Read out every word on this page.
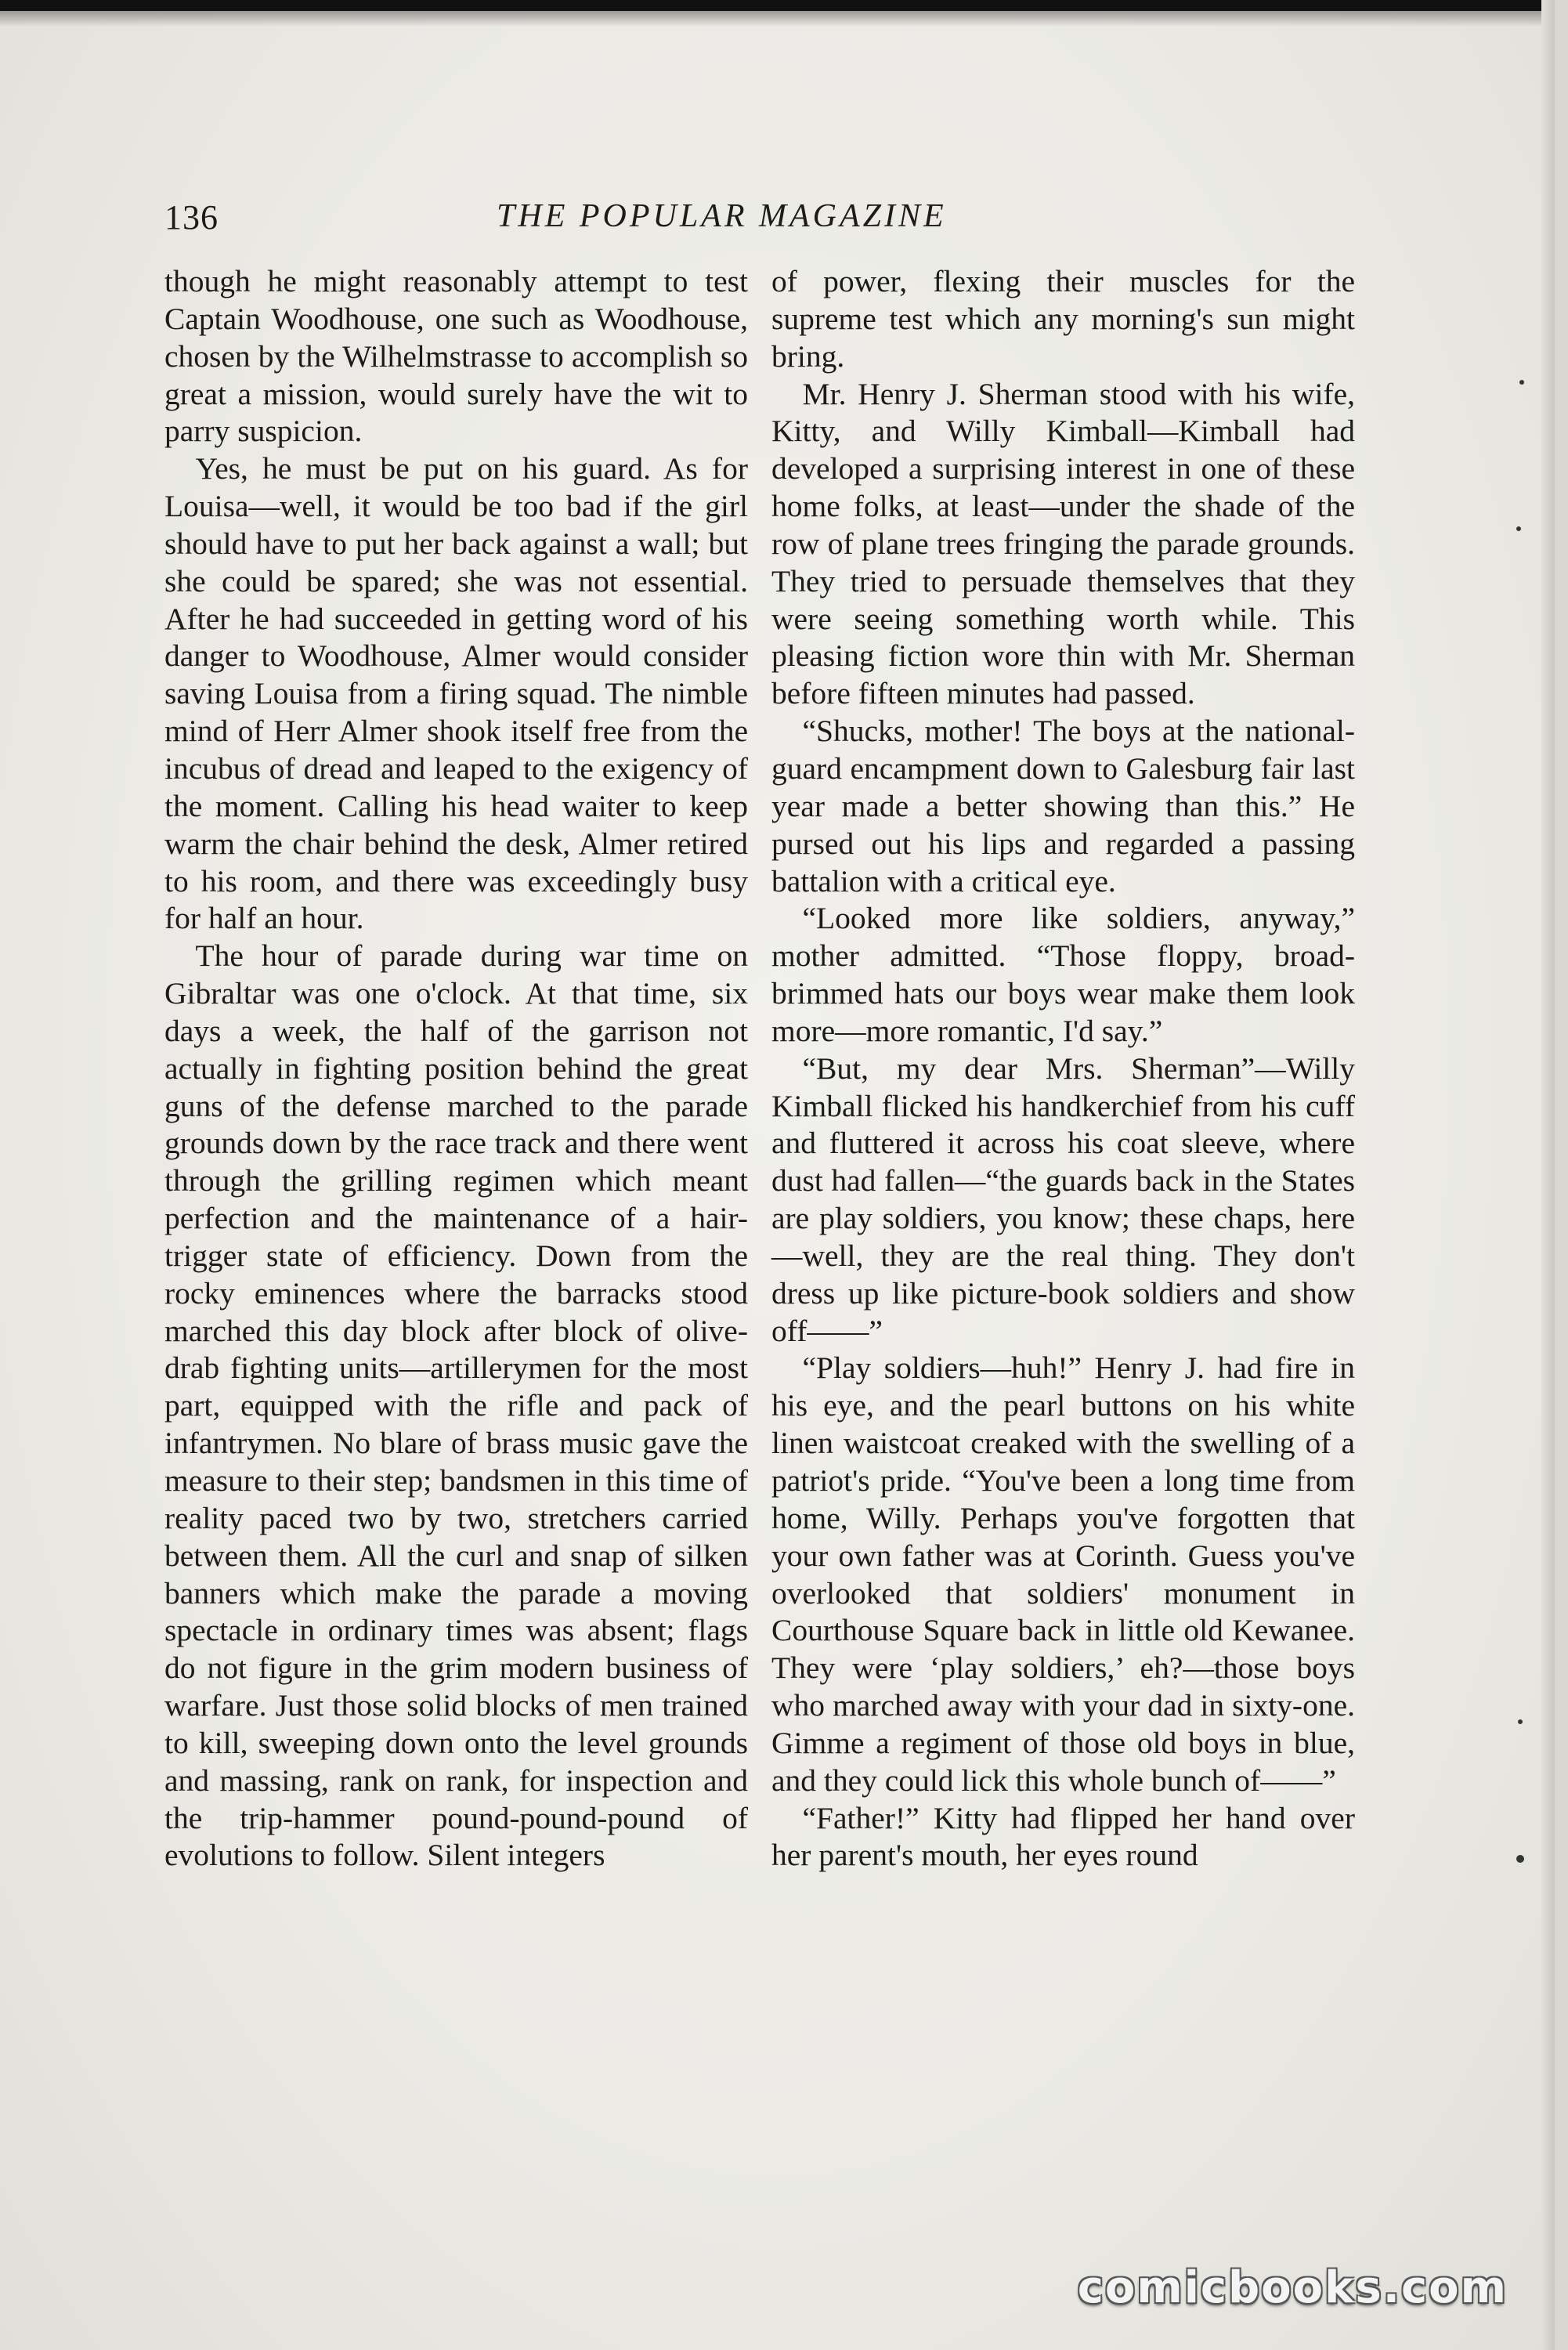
136	THE POPULAR MAGAZINE

though he might reasonably attempt to test Captain Woodhouse, one such as Woodhouse, chosen by the Wilhelmstrasse to accomplish so great a mission, would surely have the wit to parry suspicion.

Yes, he must be put on his guard. As for Louisa—well, it would be too bad if the girl should have to put her back against a wall; but she could be spared; she was not essential. After he had succeeded in getting word of his danger to Woodhouse, Almer would consider saving Louisa from a firing squad. The nimble mind of Herr Almer shook itself free from the incubus of dread and leaped to the exigency of the moment. Calling his head waiter to keep warm the chair behind the desk, Almer retired to his room, and there was exceedingly busy for half an hour.

The hour of parade during war time on Gibraltar was one o'clock. At that time, six days a week, the half of the garrison not actually in fighting position behind the great guns of the defense marched to the parade grounds down by the race track and there went through the grilling regimen which meant perfection and the maintenance of a hair-trigger state of efficiency. Down from the rocky eminences where the barracks stood marched this day block after block of olive-drab fighting units—artillerymen for the most part, equipped with the rifle and pack of infantrymen. No blare of brass music gave the measure to their step; bandsmen in this time of reality paced two by two, stretchers carried between them. All the curl and snap of silken banners which make the parade a moving spectacle in ordinary times was absent; flags do not figure in the grim modern business of warfare. Just those solid blocks of men trained to kill, sweeping down onto the level grounds and massing, rank on rank, for inspection and the trip-hammer pound-pound-pound of evolutions to follow. Silent integers

of power, flexing their muscles for the supreme test which any morning's sun might bring.

Mr. Henry J. Sherman stood with his wife, Kitty, and Willy Kimball—Kimball had developed a surprising interest in one of these home folks, at least—under the shade of the row of plane trees fringing the parade grounds. They tried to persuade themselves that they were seeing something worth while. This pleasing fiction wore thin with Mr. Sherman before fifteen minutes had passed.

“Shucks, mother! The boys at the national-guard encampment down to Galesburg fair last year made a better showing than this.” He pursed out his lips and regarded a passing battalion with a critical eye.

“Looked more like soldiers, anyway,” mother admitted. “Those floppy, broad-brimmed hats our boys wear make them look more—more romantic, I'd say.”

“But, my dear Mrs. Sherman”—Willy Kimball flicked his handkerchief from his cuff and fluttered it across his coat sleeve, where dust had fallen—“the guards back in the States are play soldiers, you know; these chaps, here—well, they are the real thing. They don't dress up like picture-book soldiers and show off——”

“Play soldiers—huh!” Henry J. had fire in his eye, and the pearl buttons on his white linen waistcoat creaked with the swelling of a patriot's pride. “You've been a long time from home, Willy. Perhaps you've forgotten that your own father was at Corinth. Guess you've overlooked that soldiers' monument in Courthouse Square back in little old Kewanee. They were ‘play soldiers,’ eh?—those boys who marched away with your dad in sixty-one. Gimme a regiment of those old boys in blue, and they could lick this whole bunch of——”

“Father!” Kitty had flipped her hand over her parent's mouth, her eyes round

comicbooks.com
